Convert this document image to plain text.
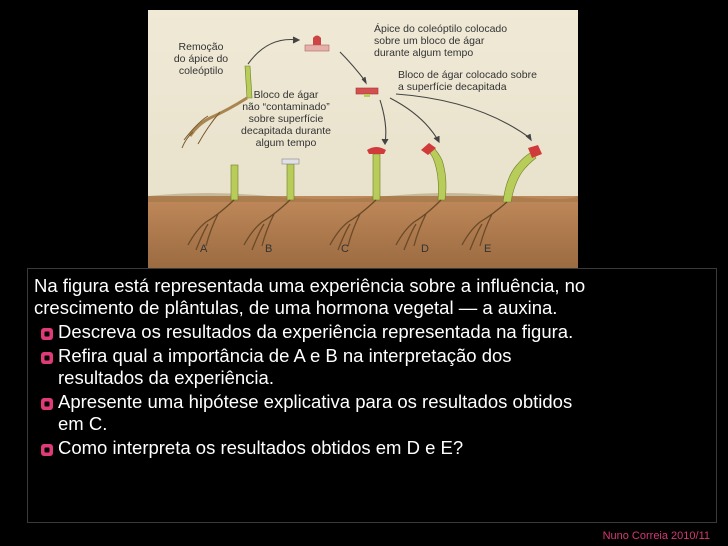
Remoção
do ápice do
coleóptilo
Ápice do coleóptilo colocado
sobre um bloco de ágar
durante algum tempo
Bloco de ágar colocado sobre
a superfície decapitada
Bloco de ágar
não “contaminado”
sobre superfície
decapitada durante
algum tempo
A	B	C	D	E
Na figura está representada uma experiência sobre a influência, no
crescimento de plântulas, de uma hormona vegetal — a auxina.
Descreva os resultados da experiência representada na figura.
Refira qual a importância de A e B na interpretação dos
resultados da experiência.
Apresente uma hipótese explicativa para os resultados obtidos
em C.
Como interpreta os resultados obtidos em D e E?
Nuno Correia 2010/11
